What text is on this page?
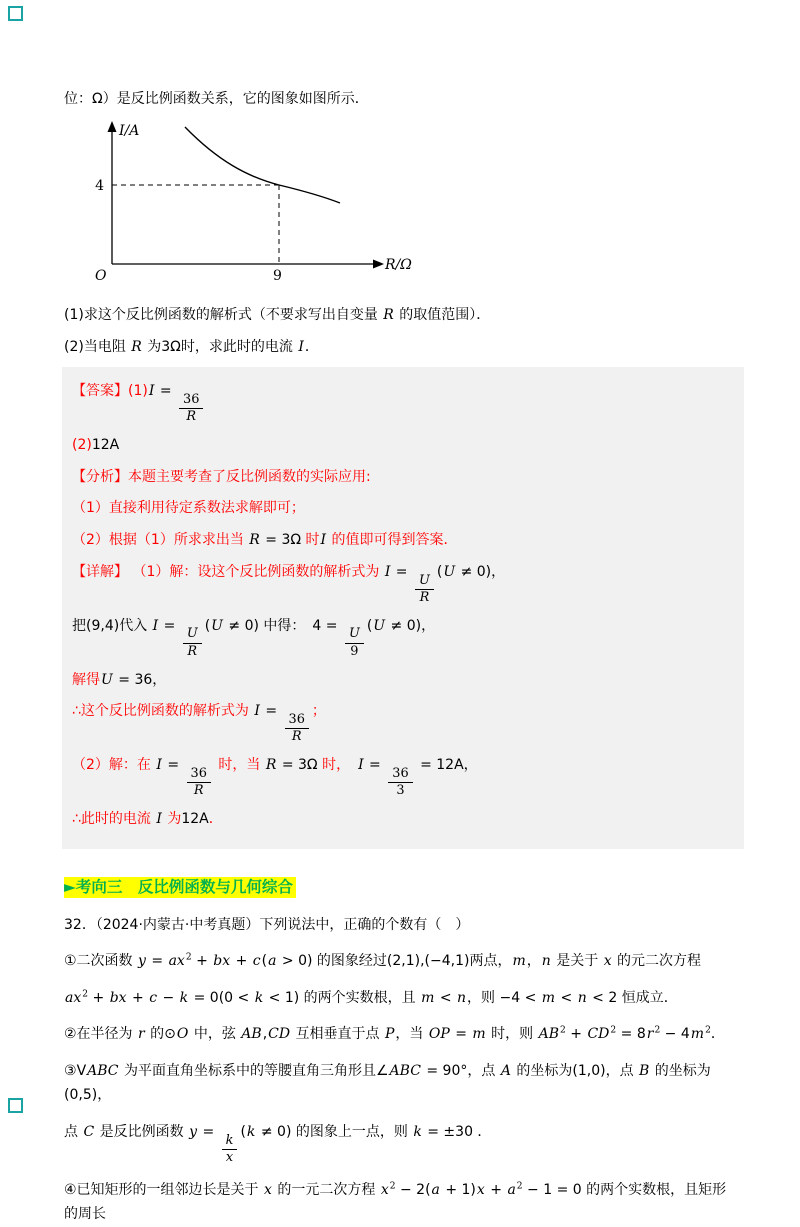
位：Ω）是反比例函数关系，它的图象如图所示．

I/A
R/Ω
O
4
9

(1)求这个反比例函数的解析式（不要求写出自变量 R 的取值范围）．

(2)当电阻 R 为3Ω时，求此时的电流 I．

【答案】(1)I =
$\frac{36}{R}$

(2)12A

【分析】本题主要考查了反比例函数的实际应用:

（1）直接利用待定系数法求解即可；

（2）根据（1）所求求出当 R = 3Ω 时I 的值即可得到答案．

【详解】 （1）解：设这个反比例函数的解析式为 I =
$\frac{U}{R}$
(U ≠ 0)，

把(9,4)代入 I =
$\frac{U}{R}$
(U ≠ 0) 中得：　4 =
$\frac{U}{9}$
(U ≠ 0)，

解得U = 36，

∴这个反比例函数的解析式为 I =
$\frac{36}{R}$
；

（2）解：在 I =
$\frac{36}{R}$
时，当 R = 3Ω 时，　I =
$\frac{36}{3}$
= 12A，

∴此时的电流 I 为12A．

►考向三　反比例函数与几何综合

32．（2024·内蒙古·中考真题）下列说法中，正确的个数有（　）

①二次函数 $y = ax^2$ + bx + c(a > 0) 的图象经过(2,1),(−4,1)两点，m，n 是关于 x 的元二次方程

$ax^2$ + bx + c − k = 0(0 < k < 1) 的两个实数根，且 m < n，则 −4 < m < n < 2 恒成立．

②在半径为 r 的⊙O 中，弦 AB,CD 互相垂直于点 P，当 OP = m 时，则 $AB^2 + CD^2 = 8r^2 - 4m^2$．

③VABC 为平面直角坐标系中的等腰直角三角形且∠ABC = 90°，点 A 的坐标为(1,0)，点 B 的坐标为(0,5)，

点 C 是反比例函数 y =
$\frac{k}{x}$
(k ≠ 0) 的图象上一点，则 k = ±30 ．

④已知矩形的一组邻边长是关于 x 的一元二次方程 $x^2 - 2(a + 1)x + a^2 - 1 = 0$ 的两个实数根，且矩形的周长
